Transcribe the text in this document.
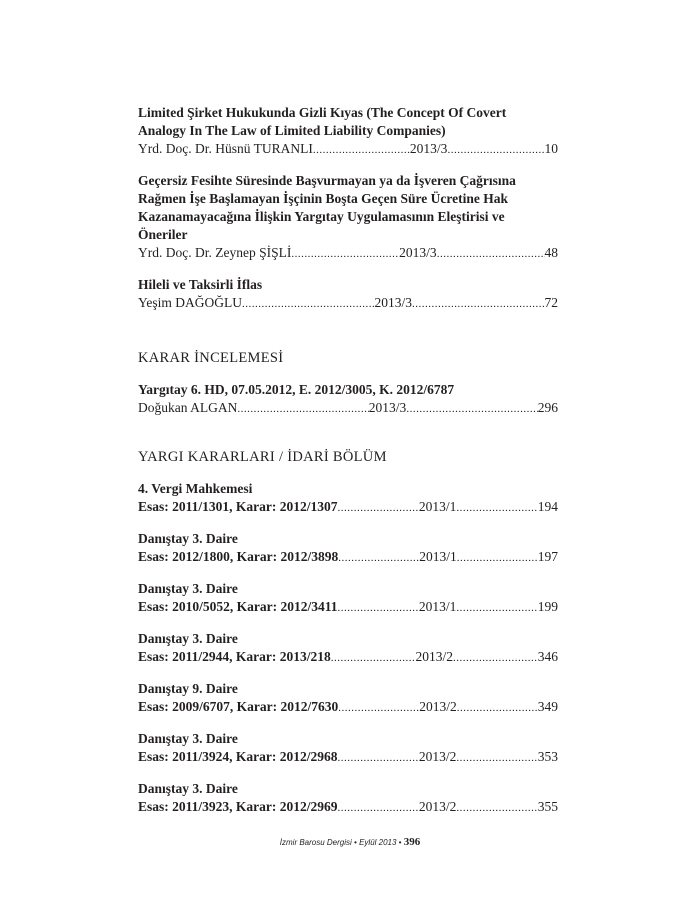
Limited Şirket Hukukunda Gizli Kıyas (The Concept Of Covert
Analogy In The Law of Limited Liability Companies)
Yrd. Doç. Dr. Hüsnü TURANLI .....	2013/3 .....	10
Geçersiz Fesihte Süresinde Başvurmayan ya da İşveren Çağrısına
Rağmen İşe Başlamayan İşçinin Boşta Geçen Süre Ücretine Hak
Kazanamayacağına İlişkin Yargıtay Uygulamasının Eleştirisi ve
Öneriler
Yrd. Doç. Dr. Zeynep ŞİŞLİ .....	2013/3 .....	48
Hileli ve Taksirli İflas
Yeşim DAĞOĞLU .....	2013/3 .....	72
KARAR İNCELEMESİ
Yargıtay 6. HD, 07.05.2012, E. 2012/3005, K. 2012/6787
Doğukan ALGAN .....	2013/3 .....	296
YARGI KARARLARI / İDARİ BÖLÜM
4. Vergi Mahkemesi
Esas: 2011/1301, Karar: 2012/1307 .....	2013/1 .....	194
Danıştay 3. Daire
Esas: 2012/1800, Karar: 2012/3898 .....	2013/1 .....	197
Danıştay 3. Daire
Esas: 2010/5052, Karar: 2012/3411 .....	2013/1 .....	199
Danıştay 3. Daire
Esas: 2011/2944, Karar: 2013/218 .....	2013/2 .....	346
Danıştay 9. Daire
Esas: 2009/6707, Karar: 2012/7630 .....	2013/2 .....	349
Danıştay 3. Daire
Esas: 2011/3924, Karar: 2012/2968 .....	2013/2 .....	353
Danıştay 3. Daire
Esas: 2011/3923, Karar: 2012/2969 .....	2013/2 .....	355
İzmir Barosu Dergisi • Eylül 2013 • 396
